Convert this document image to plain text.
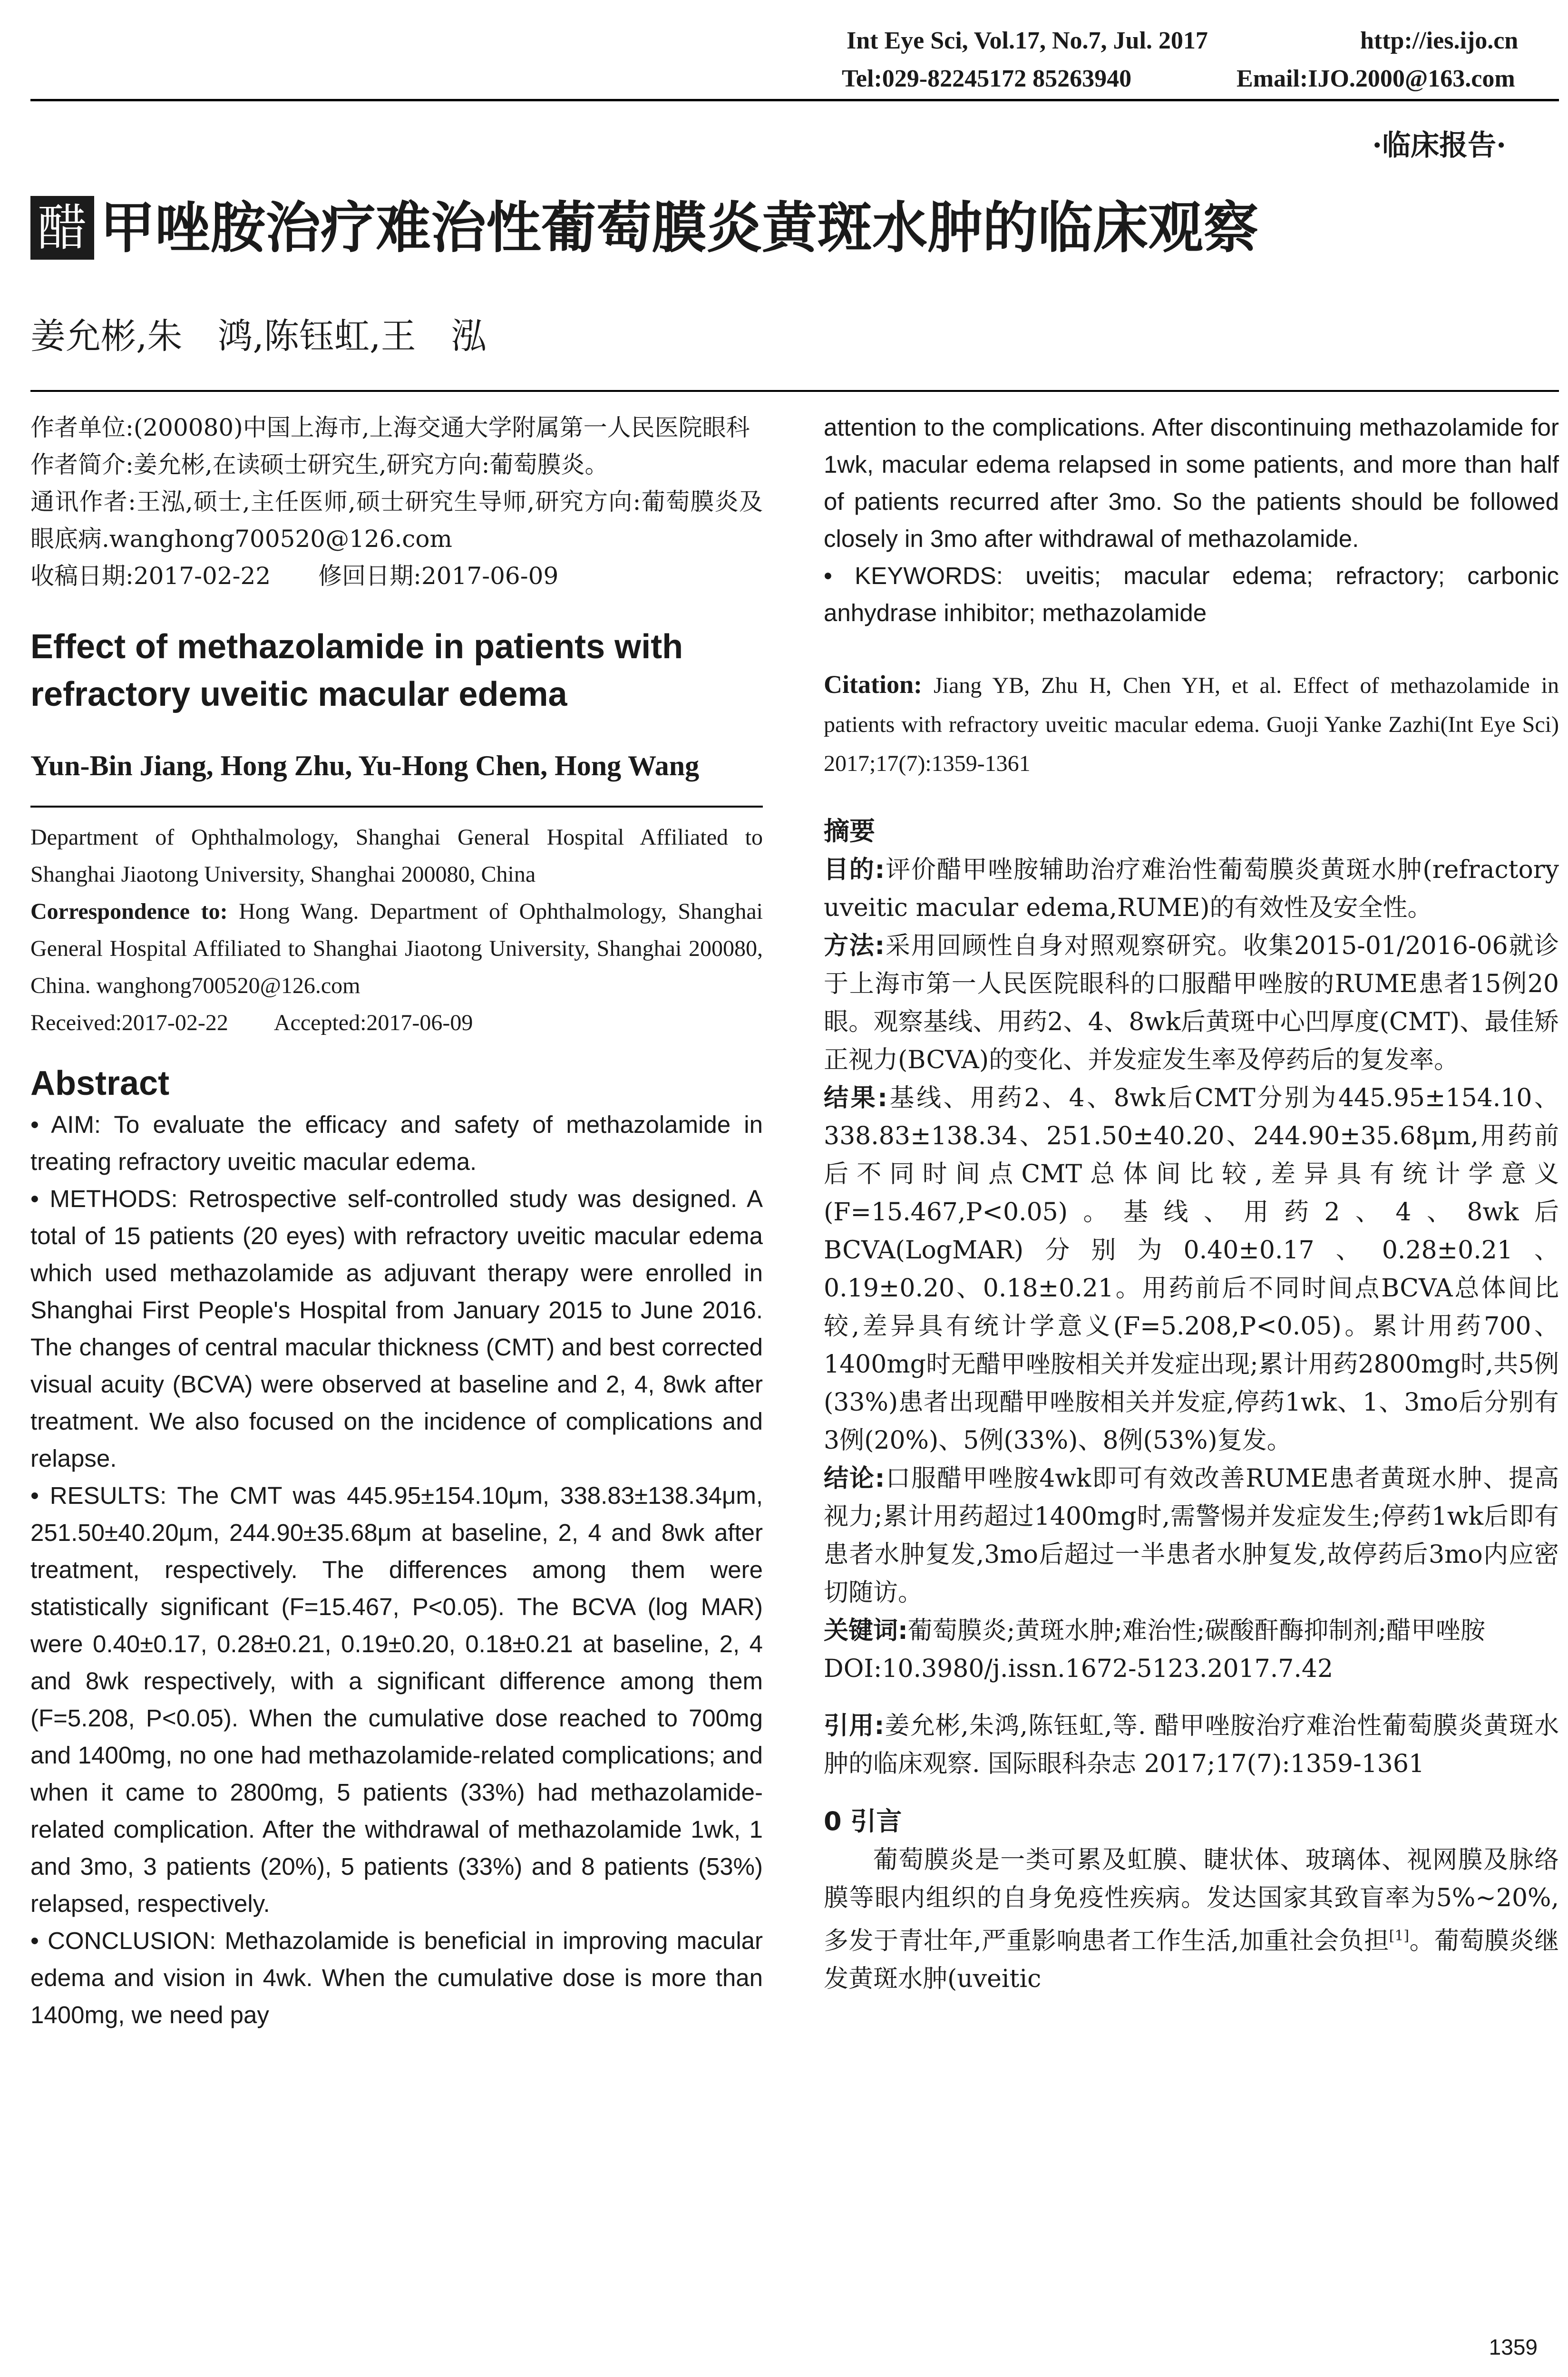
Int Eye Sci, Vol.17, No.7, Jul. 2017	http://ies.ijo.cn
Tel:029-82245172 85263940	Email:IJO.2000@163.com
·临床报告·
醋 甲唑胺治疗难治性葡萄膜炎黄斑水肿的临床观察
姜允彬,朱　鸿,陈钰虹,王　泓

作者单位:(200080)中国上海市,上海交通大学附属第一人民医院眼科

作者简介:姜允彬,在读硕士研究生,研究方向:葡萄膜炎。

通讯作者:王泓,硕士,主任医师,硕士研究生导师,研究方向:葡萄膜炎及眼底病.wanghong700520@126.com

收稿日期:2017-02-22　　修回日期:2017-06-09

Effect of methazolamide in patients with refractory uveitic macular edema

Yun-Bin Jiang, Hong Zhu, Yu-Hong Chen, Hong Wang

Department of Ophthalmology, Shanghai General Hospital Affiliated to Shanghai Jiaotong University, Shanghai 200080, China

Correspondence to: Hong Wang. Department of Ophthalmology, Shanghai General Hospital Affiliated to Shanghai Jiaotong University, Shanghai 200080, China. wanghong700520@126.com

Received:2017-02-22　　Accepted:2017-06-09

Abstract

• AIM: To evaluate the efficacy and safety of methazolamide in treating refractory uveitic macular edema.

• METHODS: Retrospective self-controlled study was designed. A total of 15 patients (20 eyes) with refractory uveitic macular edema which used methazolamide as adjuvant therapy were enrolled in Shanghai First People's Hospital from January 2015 to June 2016. The changes of central macular thickness (CMT) and best corrected visual acuity (BCVA) were observed at baseline and 2, 4, 8wk after treatment. We also focused on the incidence of complications and relapse.

• RESULTS: The CMT was 445.95±154.10μm, 338.83±138.34μm, 251.50±40.20μm, 244.90±35.68μm at baseline, 2, 4 and 8wk after treatment, respectively. The differences among them were statistically significant (F=15.467, P<0.05). The BCVA (log MAR) were 0.40±0.17, 0.28±0.21, 0.19±0.20, 0.18±0.21 at baseline, 2, 4 and 8wk respectively, with a significant difference among them (F=5.208, P<0.05). When the cumulative dose reached to 700mg and 1400mg, no one had methazolamide-related complications; and when it came to 2800mg, 5 patients (33%) had methazolamide-related complication. After the withdrawal of methazolamide 1wk, 1 and 3mo, 3 patients (20%), 5 patients (33%) and 8 patients (53%) relapsed, respectively.

• CONCLUSION: Methazolamide is beneficial in improving macular edema and vision in 4wk. When the cumulative dose is more than 1400mg, we need pay

attention to the complications. After discontinuing methazolamide for 1wk, macular edema relapsed in some patients, and more than half of patients recurred after 3mo. So the patients should be followed closely in 3mo after withdrawal of methazolamide.

• KEYWORDS: uveitis; macular edema; refractory; carbonic anhydrase inhibitor; methazolamide

Citation: Jiang YB, Zhu H, Chen YH, et al. Effect of methazolamide in patients with refractory uveitic macular edema. Guoji Yanke Zazhi(Int Eye Sci) 2017;17(7):1359-1361

摘要

目的:评价醋甲唑胺辅助治疗难治性葡萄膜炎黄斑水肿(refractory uveitic macular edema,RUME)的有效性及安全性。

方法:采用回顾性自身对照观察研究。收集2015-01/2016-06就诊于上海市第一人民医院眼科的口服醋甲唑胺的RUME患者15例20眼。观察基线、用药2、4、8wk后黄斑中心凹厚度(CMT)、最佳矫正视力(BCVA)的变化、并发症发生率及停药后的复发率。

结果:基线、用药2、4、8wk后CMT分别为445.95±154.10、338.83±138.34、251.50±40.20、244.90±35.68μm,用药前后不同时间点CMT总体间比较,差异具有统计学意义(F=15.467,P<0.05)。基线、用药2、4、8wk后BCVA(LogMAR)分别为0.40±0.17、0.28±0.21、0.19±0.20、0.18±0.21。用药前后不同时间点BCVA总体间比较,差异具有统计学意义(F=5.208,P<0.05)。累计用药700、1400mg时无醋甲唑胺相关并发症出现;累计用药2800mg时,共5例(33%)患者出现醋甲唑胺相关并发症,停药1wk、1、3mo后分别有3例(20%)、5例(33%)、8例(53%)复发。

结论:口服醋甲唑胺4wk即可有效改善RUME患者黄斑水肿、提高视力;累计用药超过1400mg时,需警惕并发症发生;停药1wk后即有患者水肿复发,3mo后超过一半患者水肿复发,故停药后3mo内应密切随访。

关键词:葡萄膜炎;黄斑水肿;难治性;碳酸酐酶抑制剂;醋甲唑胺

DOI:10.3980/j.issn.1672-5123.2017.7.42

引用:姜允彬,朱鸿,陈钰虹,等. 醋甲唑胺治疗难治性葡萄膜炎黄斑水肿的临床观察. 国际眼科杂志 2017;17(7):1359-1361

0 引言

葡萄膜炎是一类可累及虹膜、睫状体、玻璃体、视网膜及脉络膜等眼内组织的自身免疫性疾病。发达国家其致盲率为5%~20%,多发于青壮年,严重影响患者工作生活,加重社会负担[1]。葡萄膜炎继发黄斑水肿(uveitic

1359
